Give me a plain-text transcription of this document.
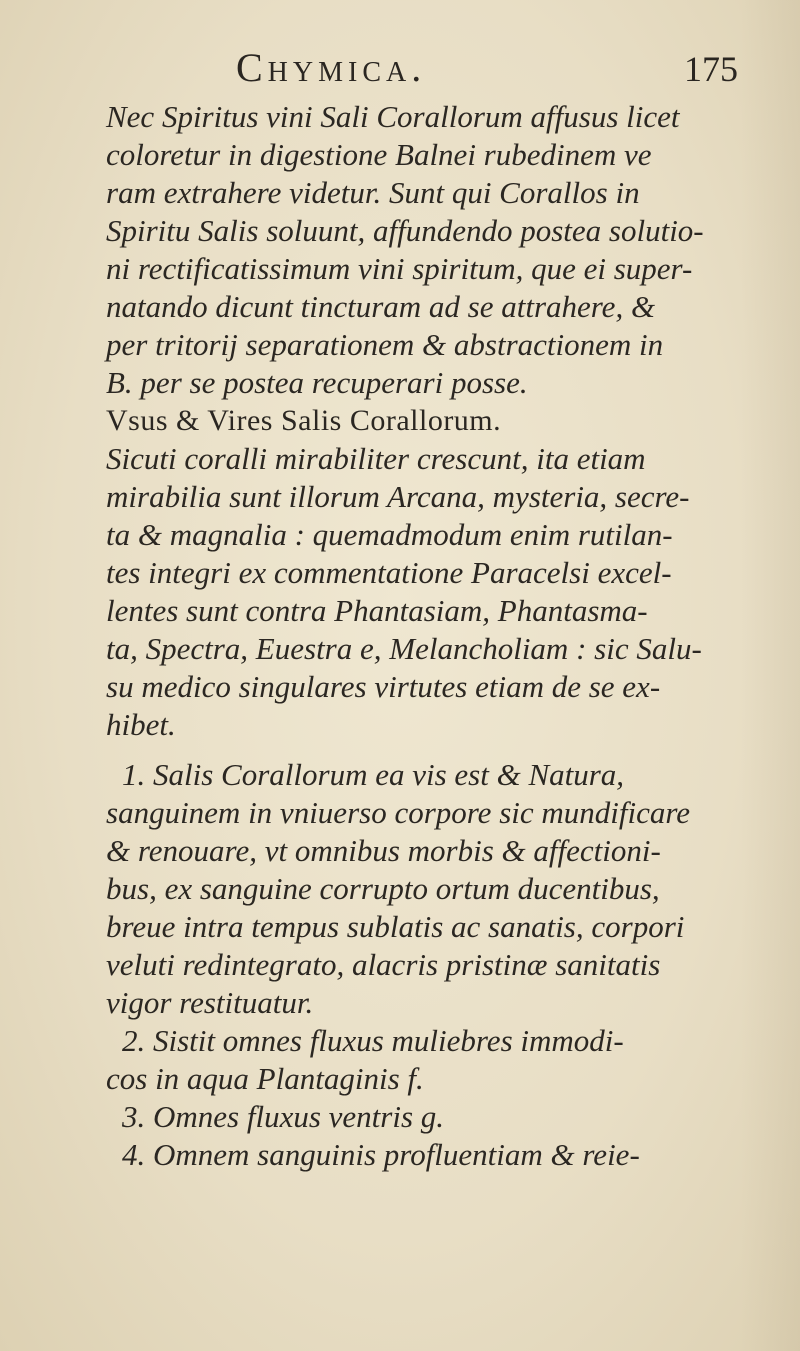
Chymica.	175
Nec Spiritus vini Sali Corallorum affusus licet
coloretur in digestione Balnei rubedinem ve
ram extrahere videtur. Sunt qui Corallos in
Spiritu Salis soluunt, affundendo postea solutio-
ni rectificatissimum vini spiritum, que ei super-
natando dicunt tincturam ad se attrahere, &
per tritorij separationem & abstractionem in
B. per se postea recuperari posse.
Vsus & Vires Salis Corallorum.
Sicuti coralli mirabiliter crescunt, ita etiam
mirabilia sunt illorum Arcana, mysteria, secre-
ta & magnalia : quemadmodum enim rutilan-
tes integri ex commentatione Paracelsi excel-
lentes sunt contra Phantasiam, Phantasma-
ta, Spectra, Euestra e, Melancholiam : sic Salu-
su medico singulares virtutes etiam de se ex-
hibet.
1. Salis Corallorum ea vis est & Natura,
sanguinem in vniuerso corpore sic mundificare
& renouare, vt omnibus morbis & affectioni-
bus, ex sanguine corrupto ortum ducentibus,
breue intra tempus sublatis ac sanatis, corpori
veluti redintegrato, alacris pristinæ sanitatis
vigor restituatur.
2. Sistit omnes fluxus muliebres immodi-
cos in aqua Plantaginis f.
3. Omnes fluxus ventris g.
4. Omnem sanguinis profluentiam & reie-
